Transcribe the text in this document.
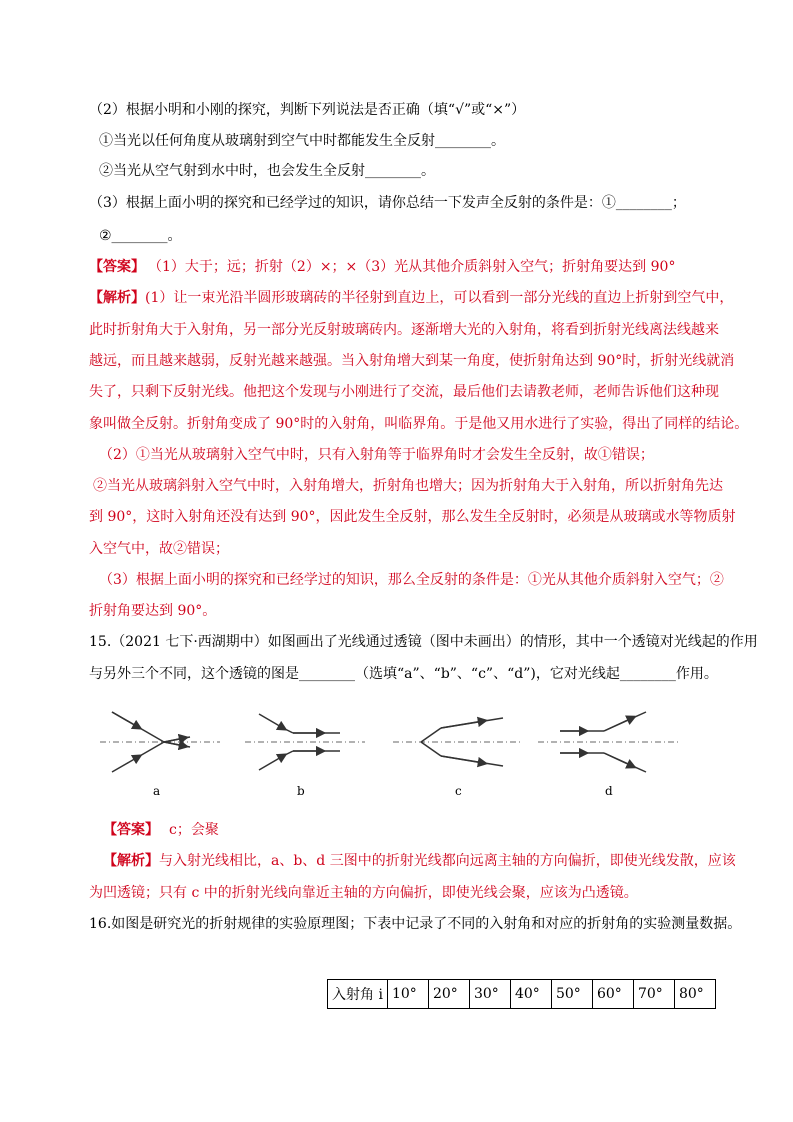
（2）根据小明和小刚的探究，判断下列说法是否正确（填“√”或“×”）
①当光以任何角度从玻璃射到空气中时都能发生全反射________。
②当光从空气射到水中时，也会发生全反射________。
（3）根据上面小明的探究和已经学过的知识，请你总结一下发声全反射的条件是：①________；
②________。
【答案】 （1）大于；远；折射（2）×；×（3）光从其他介质斜射入空气；折射角要达到 90°
【解析】(1）让一束光沿半圆形玻璃砖的半径射到直边上，可以看到一部分光线的直边上折射到空气中，
此时折射角大于入射角，另一部分光反射玻璃砖内。逐渐增大光的入射角，将看到折射光线离法线越来
越远，而且越来越弱，反射光越来越强。当入射角增大到某一角度，使折射角达到 90°时，折射光线就消
失了，只剩下反射光线。他把这个发现与小刚进行了交流，最后他们去请教老师，老师告诉他们这种现
象叫做全反射。折射角变成了 90°时的入射角，叫临界角。于是他又用水进行了实验，得出了同样的结论。
（2）①当光从玻璃射入空气中时，只有入射角等于临界角时才会发生全反射，故①错误；
②当光从玻璃斜射入空气中时，入射角增大，折射角也增大；因为折射角大于入射角，所以折射角先达
到 90°，这时入射角还没有达到 90°，因此发生全反射，那么发生全反射时，必须是从玻璃或水等物质射
入空气中，故②错误；
（3）根据上面小明的探究和已经学过的知识，那么全反射的条件是：①光从其他介质斜射入空气；②
折射角要达到 90°。
15.（2021 七下·西湖期中）如图画出了光线通过透镜（图中未画出）的情形，其中一个透镜对光线起的作用
与另外三个不同，这个透镜的图是________（选填“a”、“b”、“c”、“d”)，它对光线起________作用。
a	b	c	d
【答案】 c；会聚
【解析】与入射光线相比，a、b、d 三图中的折射光线都向远离主轴的方向偏折，即使光线发散，应该
为凹透镜；只有 c 中的折射光线向靠近主轴的方向偏折，即使光线会聚，应该为凸透镜。
16.如图是研究光的折射规律的实验原理图；下表中记录了不同的入射角和对应的折射角的实验测量数据。
入射角 i	10°	20°	30°	40°	50°	60°	70°	80°
